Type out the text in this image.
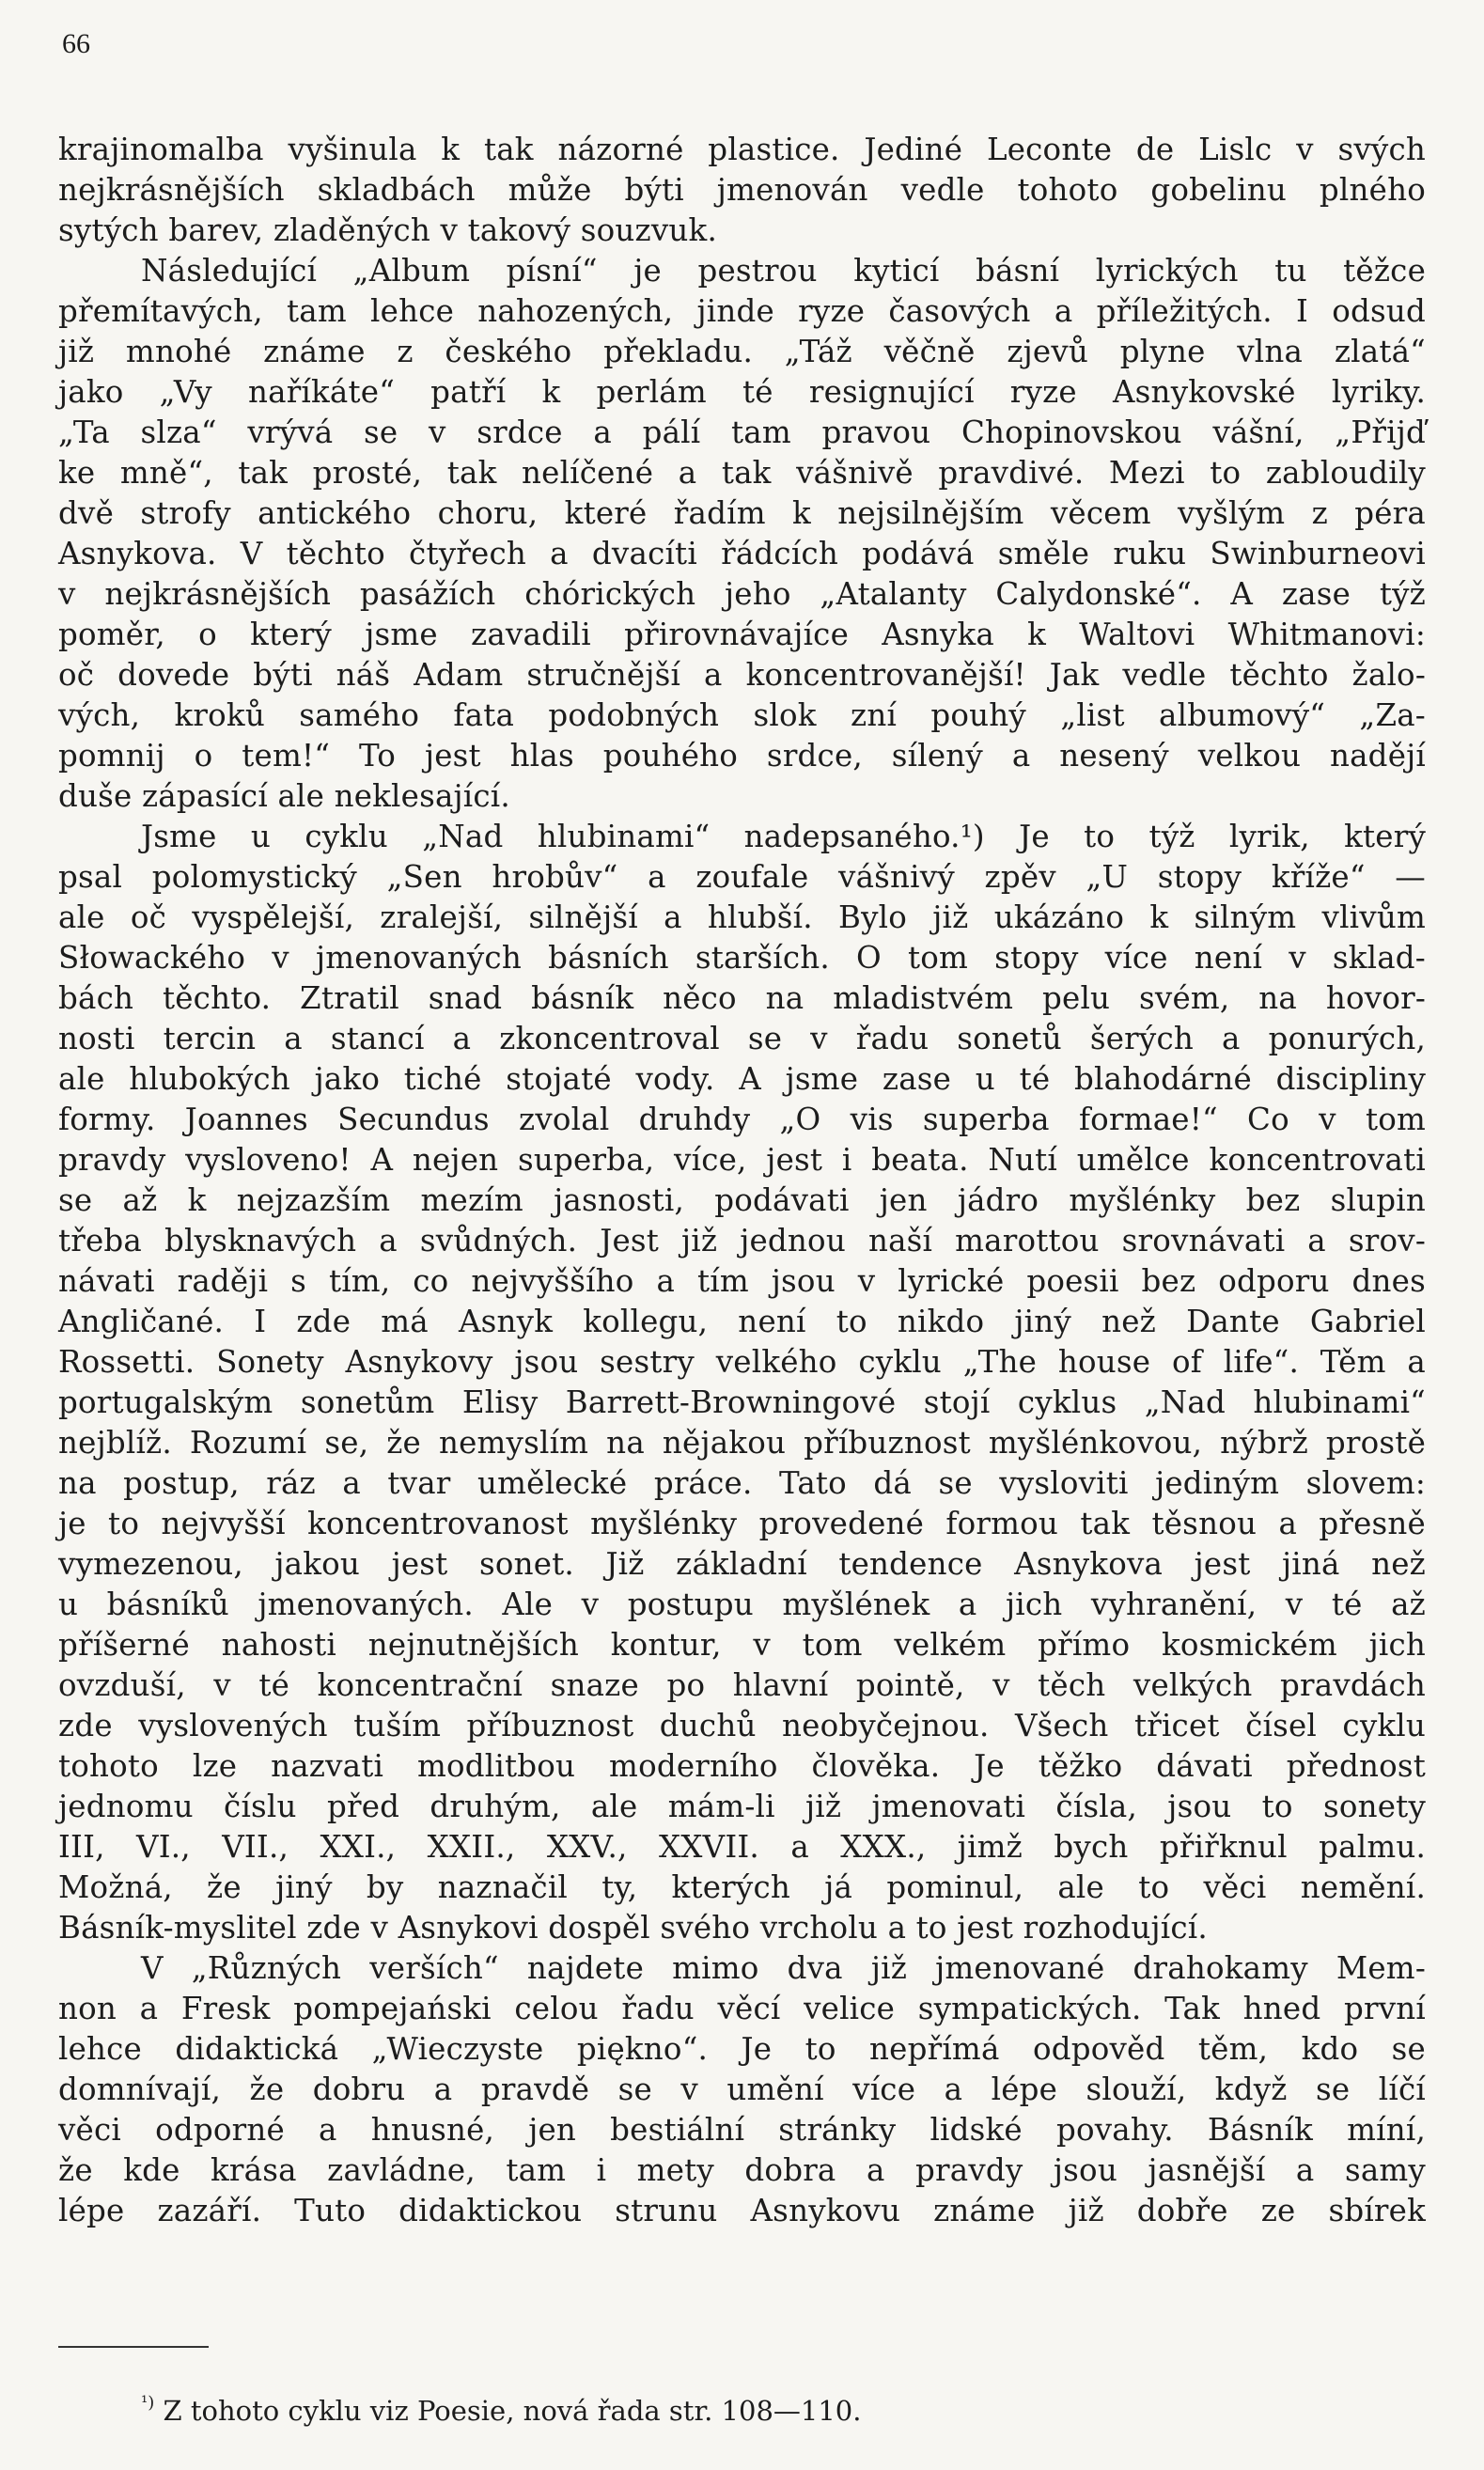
66
krajinomalba vyšinula k tak názorné plastice. Jediné Leconte de Lislc v svých
nejkrásnějších skladbách může býti jmenován vedle tohoto gobelinu plného
sytých barev, zladěných v takový souzvuk.
Následující „Album písní“ je pestrou kyticí básní lyrických tu těžce
přemítavých, tam lehce nahozených, jinde ryze časových a příležitých. I odsud
již mnohé známe z českého překladu. „Táž věčně zjevů plyne vlna zlatá“
jako „Vy naříkáte“ patří k perlám té resignující ryze Asnykovské lyriky.
„Ta slza“ vrývá se v srdce a pálí tam pravou Chopinovskou vášní, „Přijď
ke mně“, tak prosté, tak nelíčené a tak vášnivě pravdivé. Mezi to zabloudily
dvě strofy antického choru, které řadím k nejsilnějším věcem vyšlým z péra
Asnykova. V těchto čtyřech a dvacíti řádcích podává směle ruku Swinburneovi
v nejkrásnějších pasážích chórických jeho „Atalanty Calydonské“. A zase týž
poměr, o který jsme zavadili přirovnávajíce Asnyka k Waltovi Whitmanovi:
oč dovede býti náš Adam stručnější a koncentrovanější! Jak vedle těchto žalo-
vých, kroků samého fata podobných slok zní pouhý „list albumový“ „Za-
pomnij o tem!“ To jest hlas pouhého srdce, sílený a nesený velkou nadějí
duše zápasící ale neklesající.
Jsme u cyklu „Nad hlubinami“ nadepsaného.¹) Je to týž lyrik, který
psal polomystický „Sen hrobův“ a zoufale vášnivý zpěv „U stopy kříže“ —
ale oč vyspělejší, zralejší, silnější a hlubší. Bylo již ukázáno k silným vlivům
Słowackého v jmenovaných básních starších. O tom stopy více není v sklad-
bách těchto. Ztratil snad básník něco na mladistvém pelu svém, na hovor-
nosti tercin a stancí a zkoncentroval se v řadu sonetů šerých a ponurých,
ale hlubokých jako tiché stojaté vody. A jsme zase u té blahodárné discipliny
formy. Joannes Secundus zvolal druhdy „O vis superba formae!“ Co v tom
pravdy vysloveno! A nejen superba, více, jest i beata. Nutí umělce koncentrovati
se až k nejzazším mezím jasnosti, podávati jen jádro myšlénky bez slupin
třeba blysknavých a svůdných. Jest již jednou naší marottou srovnávati a srov-
návati raději s tím, co nejvyššího a tím jsou v lyrické poesii bez odporu dnes
Angličané. I zde má Asnyk kollegu, není to nikdo jiný než Dante Gabriel
Rossetti. Sonety Asnykovy jsou sestry velkého cyklu „The house of life“. Těm a
portugalským sonetům Elisy Barrett-Browningové stojí cyklus „Nad hlubinami“
nejblíž. Rozumí se, že nemyslím na nějakou příbuznost myšlénkovou, nýbrž prostě
na postup, ráz a tvar umělecké práce. Tato dá se vysloviti jediným slovem:
je to nejvyšší koncentrovanost myšlénky provedené formou tak těsnou a přesně
vymezenou, jakou jest sonet. Již základní tendence Asnykova jest jiná než
u básníků jmenovaných. Ale v postupu myšlének a jich vyhranění, v té až
příšerné nahosti nejnutnějších kontur, v tom velkém přímo kosmickém jich
ovzduší, v té koncentrační snaze po hlavní pointě, v těch velkých pravdách
zde vyslovených tuším příbuznost duchů neobyčejnou. Všech třicet čísel cyklu
tohoto lze nazvati modlitbou moderního člověka. Je těžko dávati přednost
jednomu číslu před druhým, ale mám-li již jmenovati čísla, jsou to sonety
III, VI., VII., XXI., XXII., XXV., XXVII. a XXX., jimž bych přiřknul palmu.
Možná, že jiný by naznačil ty, kterých já pominul, ale to věci nemění.
Básník-myslitel zde v Asnykovi dospěl svého vrcholu a to jest rozhodující.
V „Různých verších“ najdete mimo dva již jmenované drahokamy Mem-
non a Fresk pompejański celou řadu věcí velice sympatických. Tak hned první
lehce didaktická „Wieczyste piękno“. Je to nepřímá odpověd těm, kdo se
domnívají, že dobru a pravdě se v umění více a lépe slouží, když se líčí
věci odporné a hnusné, jen bestiální stránky lidské povahy. Básník míní,
že kde krása zavládne, tam i mety dobra a pravdy jsou jasnější a samy
lépe zazáří. Tuto didaktickou strunu Asnykovu známe již dobře ze sbírek
$^{^1)}$ Z tohoto cyklu viz Poesie, nová řada str. 108—110.
